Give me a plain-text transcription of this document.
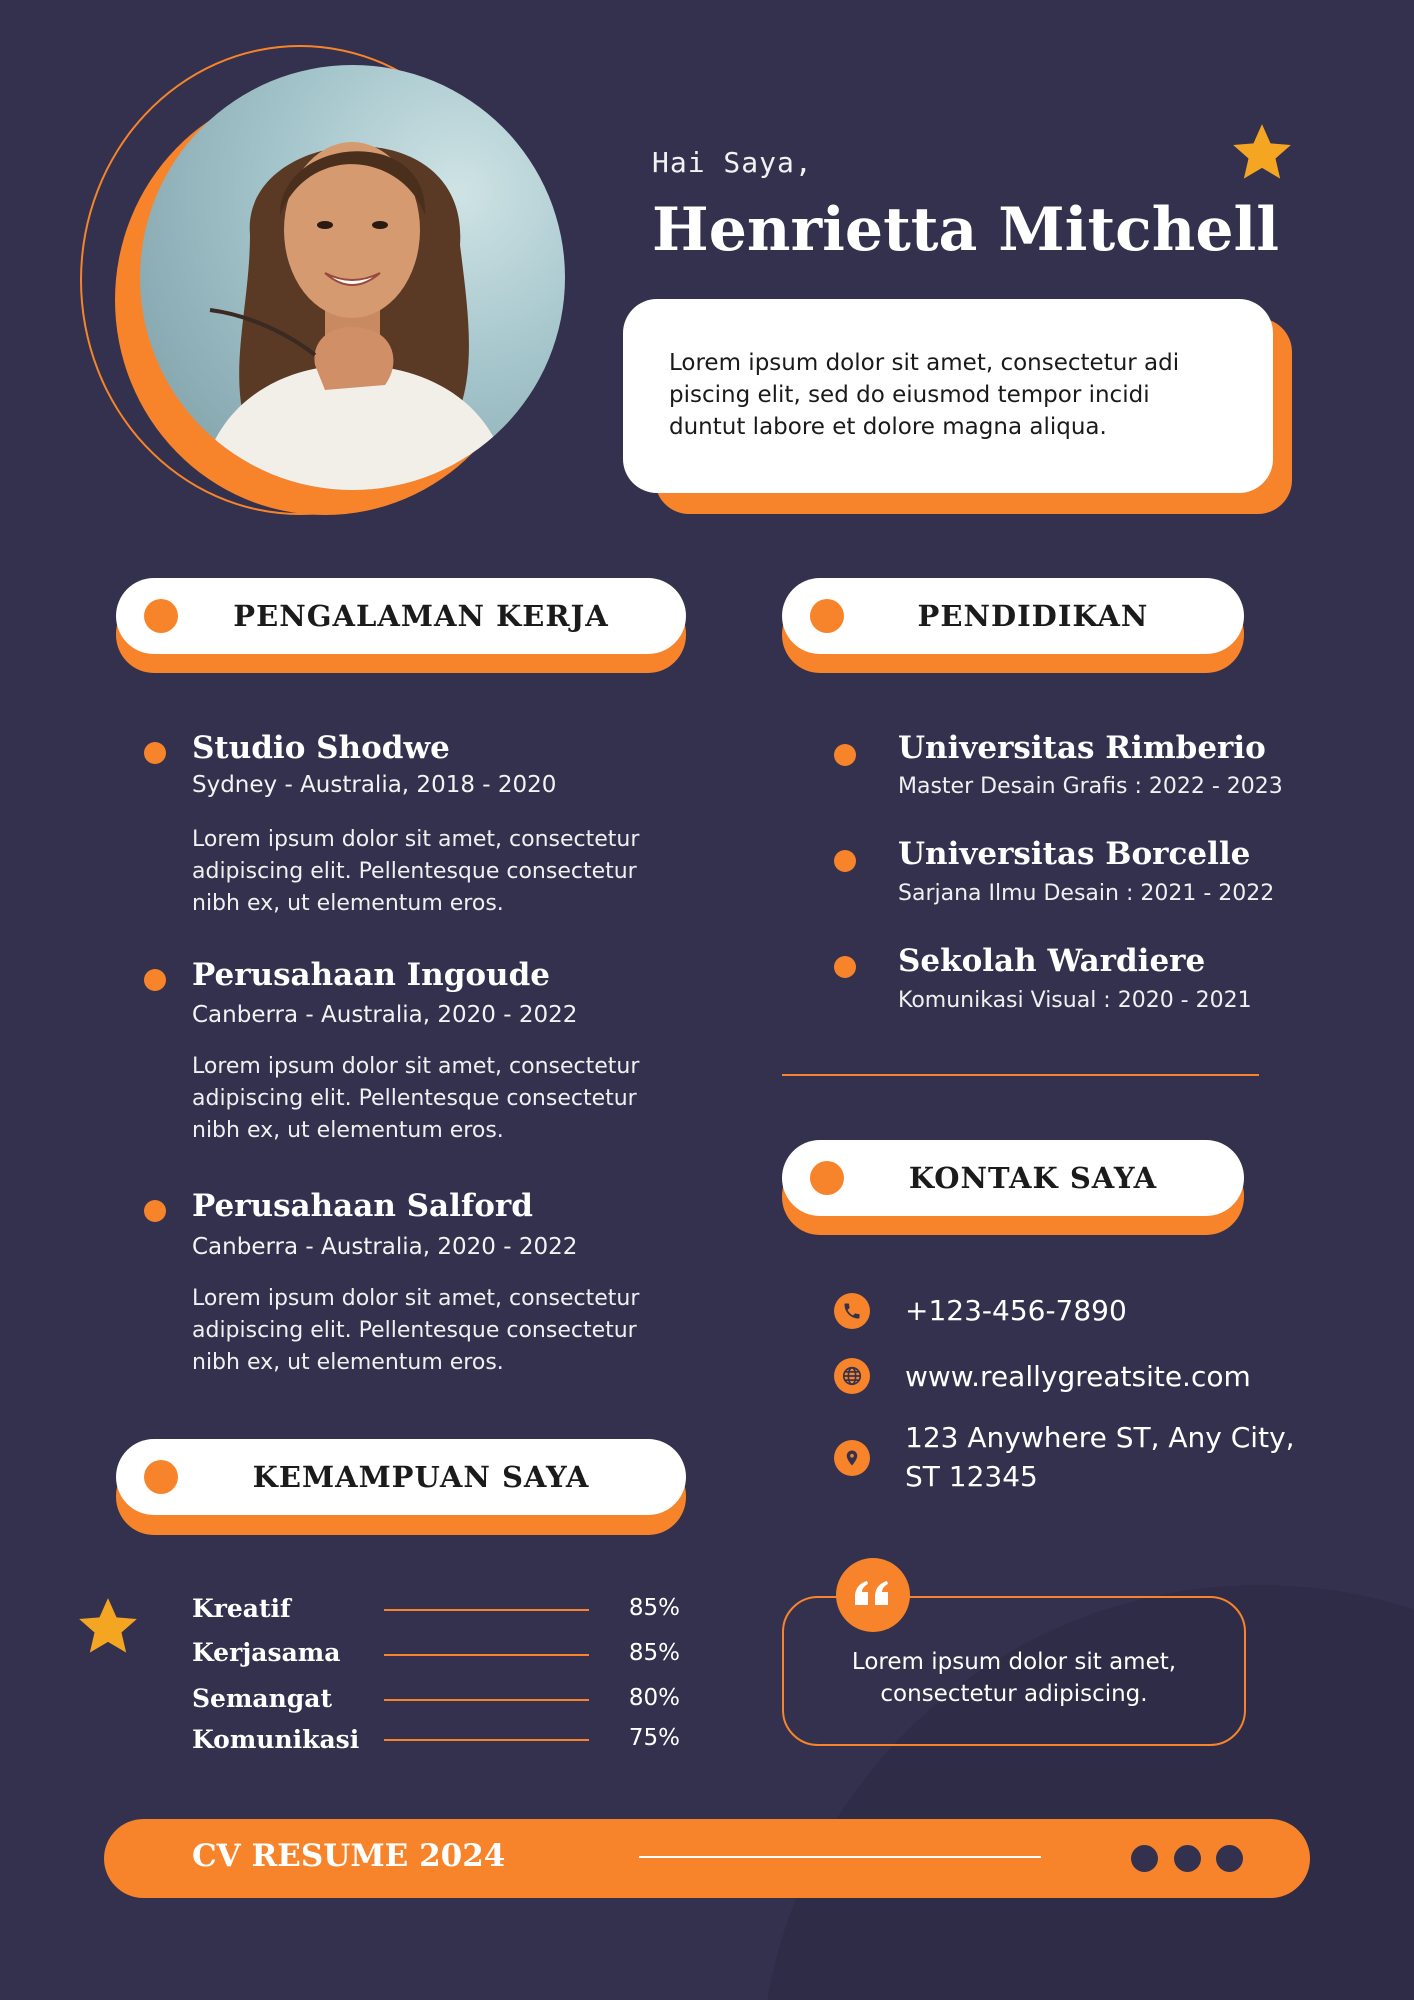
Hai Saya,
Henrietta Mitchell
Lorem ipsum dolor sit amet, consectetur adi piscing elit, sed do eiusmod tempor incidi duntut labore et dolore magna aliqua.
PENGALAMAN KERJA	PENDIDIKAN
Studio Shodwe
Sydney - Australia, 2018 - 2020
Lorem ipsum dolor sit amet, consectetur adipiscing elit. Pellentesque consectetur nibh ex, ut elementum eros.
Perusahaan Ingoude
Canberra - Australia, 2020 - 2022
Lorem ipsum dolor sit amet, consectetur adipiscing elit. Pellentesque consectetur nibh ex, ut elementum eros.
Perusahaan Salford
Canberra - Australia, 2020 - 2022
Lorem ipsum dolor sit amet, consectetur adipiscing elit. Pellentesque consectetur nibh ex, ut elementum eros.
Universitas Rimberio
Master Desain Grafis : 2022 - 2023
Universitas Borcelle
Sarjana Ilmu Desain : 2021 - 2022
Sekolah Wardiere
Komunikasi Visual : 2020 - 2021
KONTAK SAYA
+123-456-7890
www.reallygreatsite.com
123 Anywhere ST, Any City,
ST 12345
Lorem ipsum dolor sit amet,
consectetur adipiscing.
KEMAMPUAN SAYA
Kreatif	85%
Kerjasama	85%
Semangat	80%
Komunikasi	75%
CV RESUME 2024
